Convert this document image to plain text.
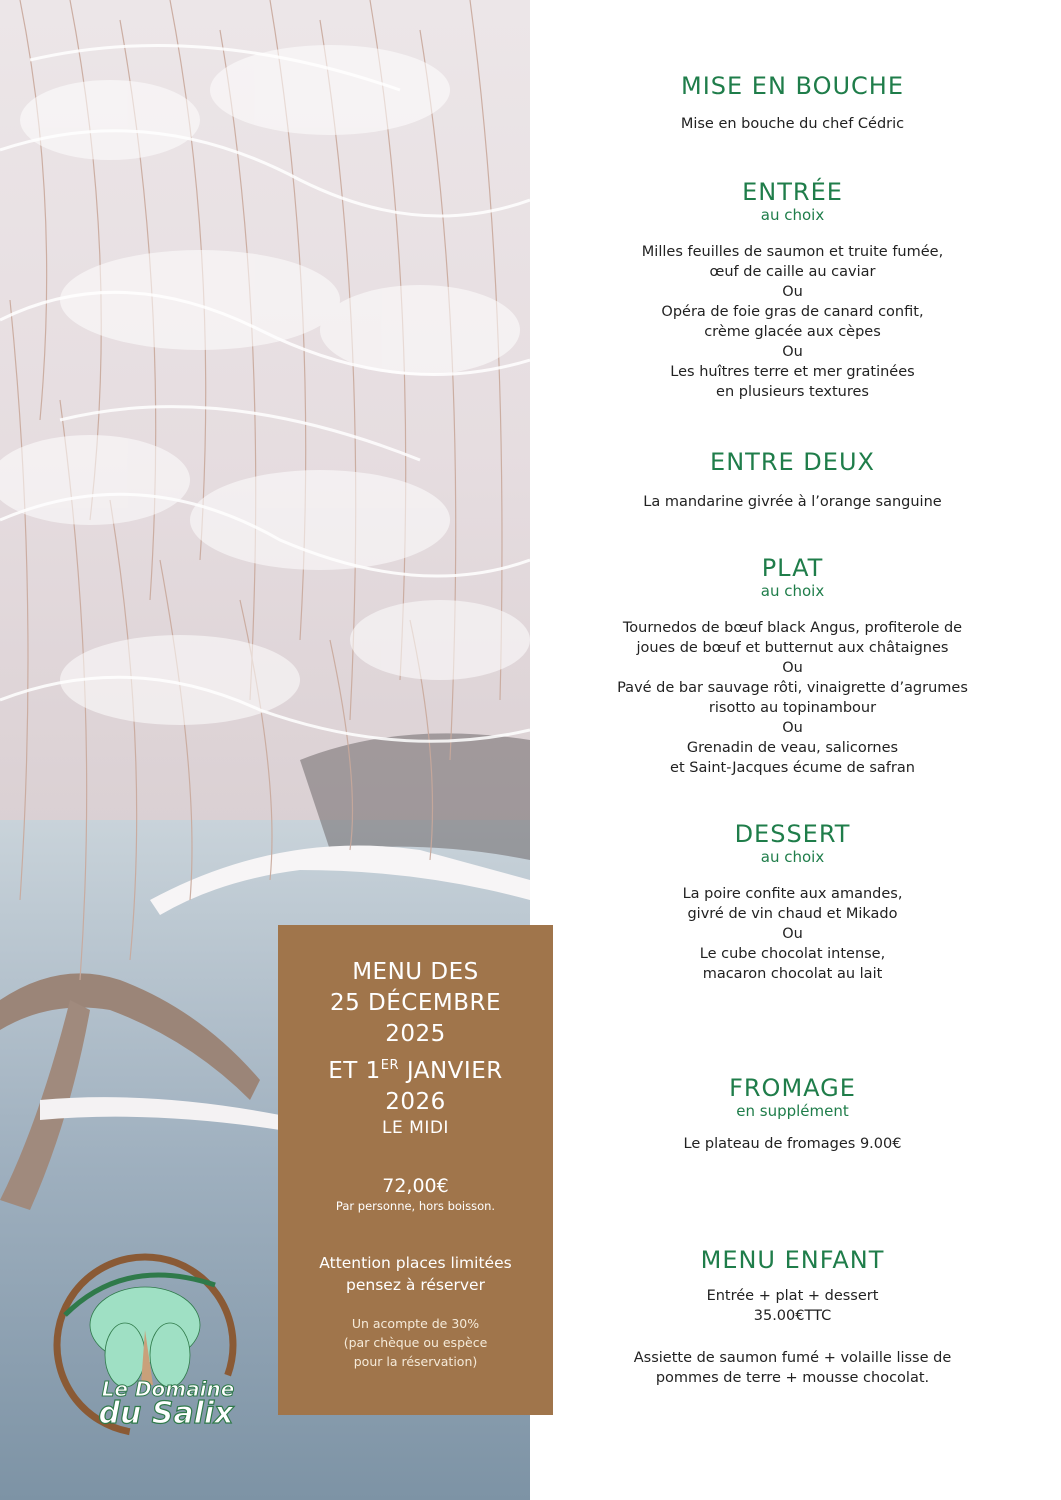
MENU DES
25 DÉCEMBRE
2025
ET 1ER JANVIER
2026
LE MIDI
72,00€
Par personne, hors boisson.
Attention places limitées
pensez à réserver
Un acompte de 30%
(par chèque ou espèce
pour la réservation)
Le Domaine
du Salix
MISE EN BOUCHE
Mise en bouche du chef Cédric
ENTRÉE
au choix
Milles feuilles de saumon et truite fumée,
œuf de caille au caviar
Ou
Opéra de foie gras de canard confit,
crème glacée aux cèpes
Ou
Les huîtres terre et mer gratinées
en plusieurs textures
ENTRE DEUX
La mandarine givrée à l’orange sanguine
PLAT
au choix
Tournedos de bœuf black Angus, profiterole de
joues de bœuf et butternut aux châtaignes
Ou
Pavé de bar sauvage rôti, vinaigrette d’agrumes
risotto au topinambour
Ou
Grenadin de veau, salicornes
et Saint-Jacques écume de safran
DESSERT
au choix
La poire confite aux amandes,
givré de vin chaud et Mikado
Ou
Le cube chocolat intense,
macaron chocolat au lait
FROMAGE
en supplément
Le plateau de fromages 9.00€
MENU ENFANT
Entrée + plat + dessert
35.00€TTC
Assiette de saumon fumé + volaille lisse de
pommes de terre + mousse chocolat.
